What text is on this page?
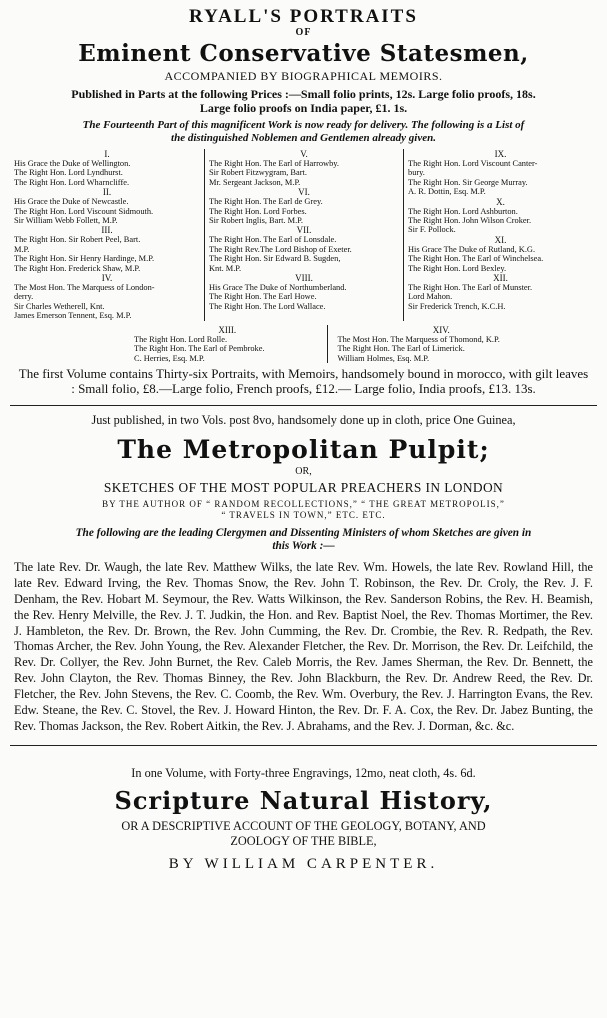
RYALL'S PORTRAITS
OF
Eminent Conservative Statesmen,
ACCOMPANIED BY BIOGRAPHICAL MEMOIRS.
Published in Parts at the following Prices :—Small folio prints, 12s. Large folio proofs, 18s.
Large folio proofs on India paper, £1. 1s.
The Fourteenth Part of this magnificent Work is now ready for delivery. The following is a List of
the distinguished Noblemen and Gentlemen already given.
I.
His Grace the Duke of Wellington.
The Right Hon. Lord Lyndhurst.
The Right Hon. Lord Wharncliffe.
II.
His Grace the Duke of Newcastle.
The Right Hon. Lord Viscount Sidmouth.
Sir William Webb Follett, M.P.
III.
The Right Hon. Sir Robert Peel, Bart.
M.P.
The Right Hon. Sir Henry Hardinge, M.P.
The Right Hon. Frederick Shaw, M.P.
IV.
The Most Hon. The Marquess of London-
derry.
Sir Charles Wetherell, Knt.
James Emerson Tennent, Esq. M.P.
V.
The Right Hon. The Earl of Harrowby.
Sir Robert Fitzwygram, Bart.
Mr. Sergeant Jackson, M.P.
VI.
The Right Hon. The Earl de Grey.
The Right Hon. Lord Forbes.
Sir Robert Inglis, Bart. M.P.
VII.
The Right Hon. The Earl of Lonsdale.
The Right Rev.The Lord Bishop of Exeter.
The Right Hon. Sir Edward B. Sugden,
Knt. M.P.
VIII.
His Grace The Duke of Northumberland.
The Right Hon. The Earl Howe.
The Right Hon. The Lord Wallace.
IX.
The Right Hon. Lord Viscount Canter-
bury.
The Right Hon. Sir George Murray.
A. R. Dottin, Esq. M.P.
X.
The Right Hon. Lord Ashburton.
The Right Hon. John Wilson Croker.
Sir F. Pollock.
XI.
His Grace The Duke of Rutland, K.G.
The Right Hon. The Earl of Winchelsea.
The Right Hon. Lord Bexley.
XII.
The Right Hon. The Earl of Munster.
Lord Mahon.
Sir Frederick Trench, K.C.H.
XIII.
The Right Hon. Lord Rolle.
The Right Hon. The Earl of Pembroke.
C. Herries, Esq. M.P.
XIV.
The Most Hon. The Marquess of Thomond, K.P.
The Right Hon. The Earl of Limerick.
William Holmes, Esq. M.P.
The first Volume contains Thirty-six Portraits, with Memoirs, handsomely bound in morocco, with gilt leaves : Small folio, £8.—Large folio, French proofs, £12.— Large folio, India proofs, £13. 13s.
Just published, in two Vols. post 8vo, handsomely done up in cloth, price One Guinea,
The Metropolitan Pulpit;
OR,
SKETCHES OF THE MOST POPULAR PREACHERS IN LONDON
BY THE AUTHOR OF “ RANDOM RECOLLECTIONS,” “ THE GREAT METROPOLIS,”
“ TRAVELS IN TOWN,” ETC. ETC.
The following are the leading Clergymen and Dissenting Ministers of whom Sketches are given in
this Work :—
The late Rev. Dr. Waugh, the late Rev. Matthew Wilks, the late Rev. Wm. Howels, the late Rev. Rowland Hill, the late Rev. Edward Irving, the Rev. Thomas Snow, the Rev. John T. Robinson, the Rev. Dr. Croly, the Rev. J. F. Denham, the Rev. Hobart M. Seymour, the Rev. Watts Wilkinson, the Rev. Sanderson Robins, the Rev. H. Beamish, the Rev. Henry Melville, the Rev. J. T. Judkin, the Hon. and Rev. Baptist Noel, the Rev. Thomas Mortimer, the Rev. J. Hambleton, the Rev. Dr. Brown, the Rev. John Cumming, the Rev. Dr. Crombie, the Rev. R. Redpath, the Rev. Thomas Archer, the Rev. John Young, the Rev. Alexander Fletcher, the Rev. Dr. Morrison, the Rev. Dr. Leifchild, the Rev. Dr. Collyer, the Rev. John Burnet, the Rev. Caleb Morris, the Rev. James Sherman, the Rev. Dr. Bennett, the Rev. John Clayton, the Rev. Thomas Binney, the Rev. John Blackburn, the Rev. Dr. Andrew Reed, the Rev. Dr. Fletcher, the Rev. John Stevens, the Rev. C. Coomb, the Rev. Wm. Overbury, the Rev. J. Harrington Evans, the Rev. Edw. Steane, the Rev. C. Stovel, the Rev. J. Howard Hinton, the Rev. Dr. F. A. Cox, the Rev. Dr. Jabez Bunting, the Rev. Thomas Jackson, the Rev. Robert Aitkin, the Rev. J. Abrahams, and the Rev. J. Dorman, &c. &c.
In one Volume, with Forty-three Engravings, 12mo, neat cloth, 4s. 6d.
Scripture Natural History,
OR A DESCRIPTIVE ACCOUNT OF THE GEOLOGY, BOTANY, AND
ZOOLOGY OF THE BIBLE,
BY WILLIAM CARPENTER.
